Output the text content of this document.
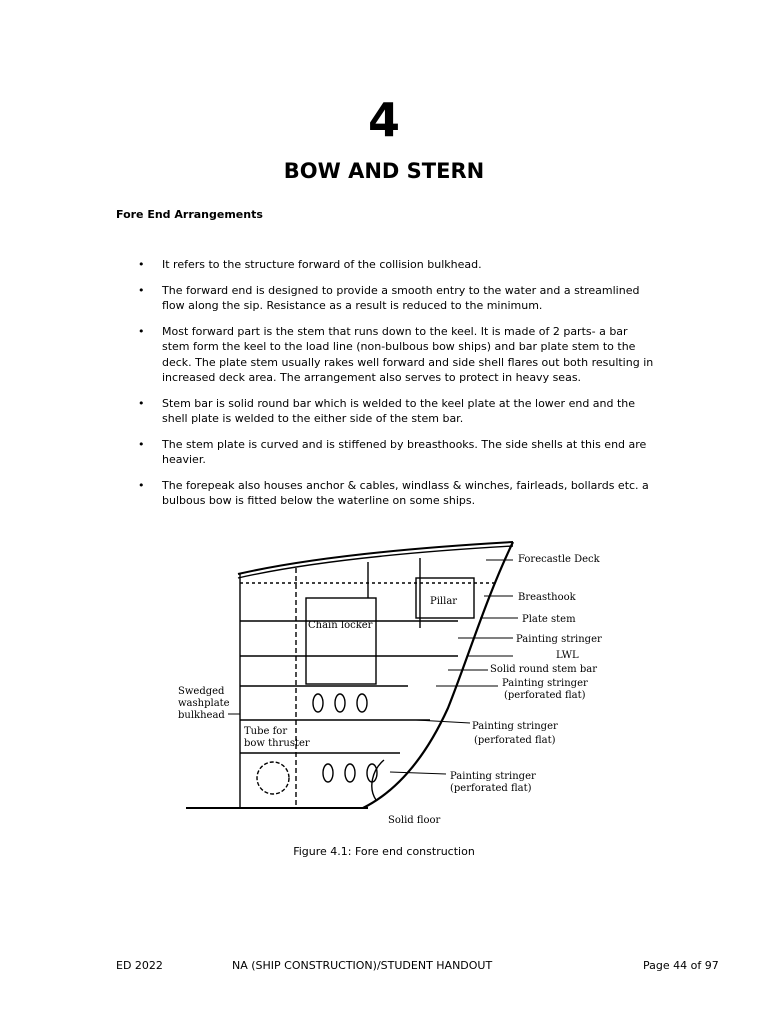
4
BOW AND STERN
Fore End Arrangements
• It refers to the structure forward of the collision bulkhead.
• The forward end is designed to provide a smooth entry to the water and a streamlined flow along the sip. Resistance as a result is reduced to the minimum.
• Most forward part is the stem that runs down to the keel. It is made of 2 parts- a bar stem form the keel to the load line (non-bulbous bow ships) and bar plate stem to the deck. The plate stem usually rakes well forward and side shell flares out both resulting in increased deck area. The arrangement also serves to protect in heavy seas.
• Stem bar is solid round bar which is welded to the keel plate at the lower end and the shell plate is welded to the either side of the stem bar.
• The stem plate is curved and is stiffened by breasthooks. The side shells at this end are heavier.
• The forepeak also houses anchor & cables, windlass & winches, fairleads, bollards etc. a bulbous bow is fitted below the waterline on some ships.
Forecastle Deck
Breasthook
Pillar
Plate stem
Chain locker
Painting stringer
LWL
Solid round stem bar
Painting stringer
(perforated flat)
Swedged
washplate
bulkhead
Tube for
bow thruster
Painting stringer
(perforated flat)
Painting stringer
(perforated flat)
Solid floor
Figure 4.1: Fore end construction
ED 2022	NA (SHIP CONSTRUCTION)/STUDENT HANDOUT	Page 44 of 97
